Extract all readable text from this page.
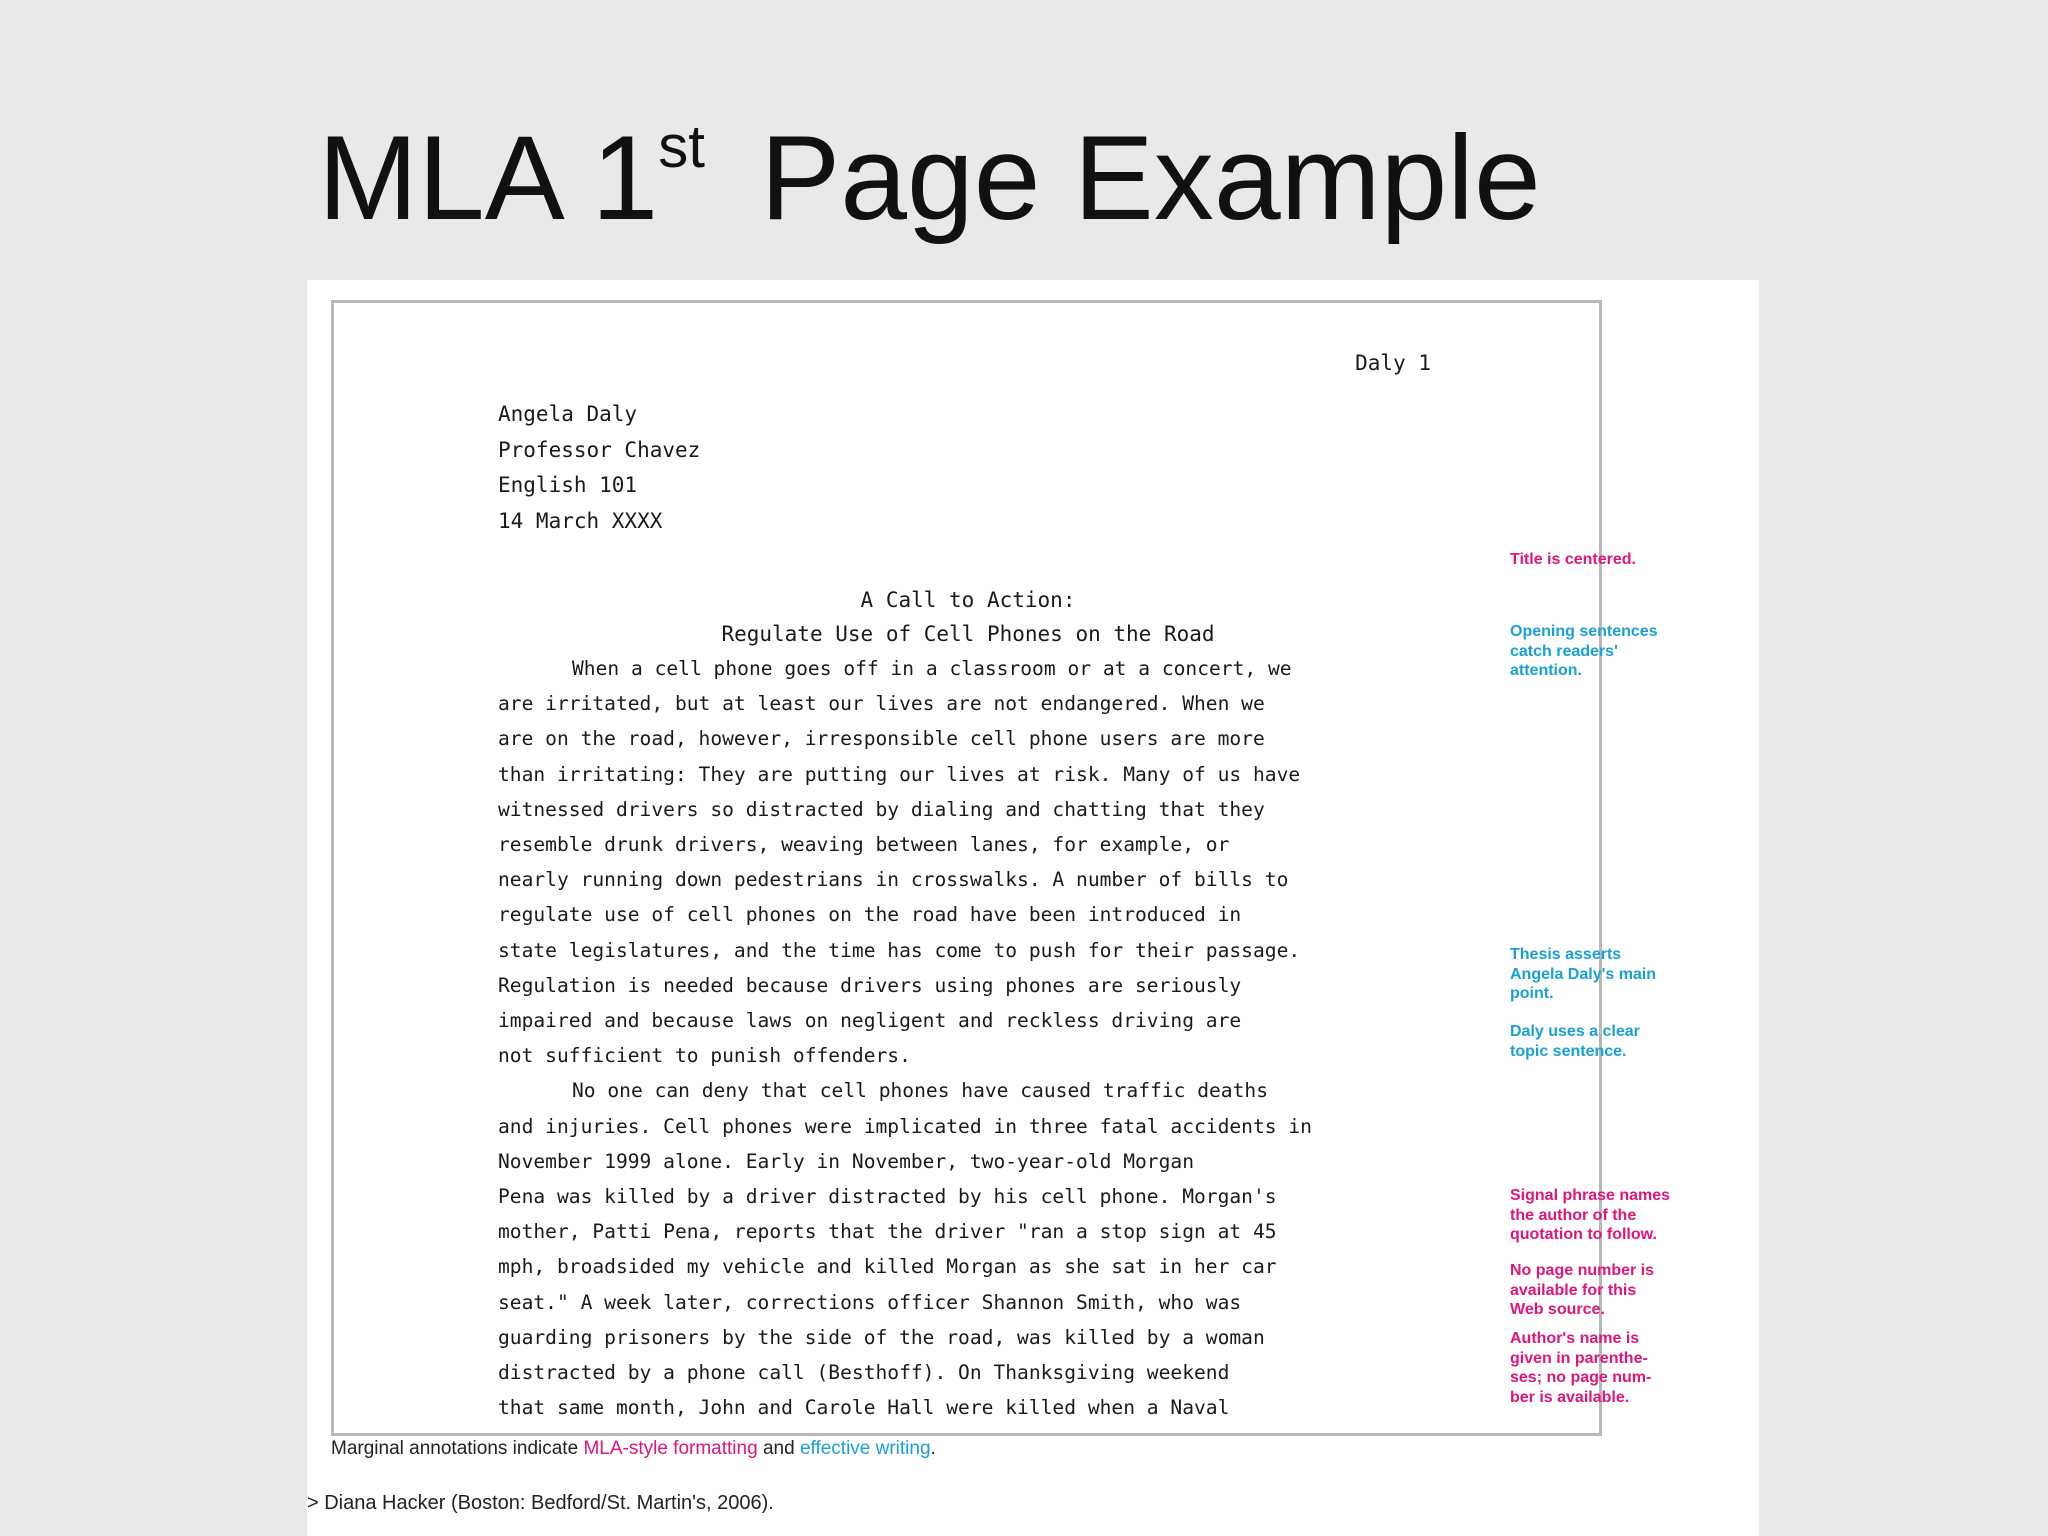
MLA 1st Page Example
Daly 1
Angela Daly
Professor Chavez
English 101
14 March XXXX
A Call to Action:
Regulate Use of Cell Phones on the Road
When a cell phone goes off in a classroom or at a concert, we
are irritated, but at least our lives are not endangered. When we
are on the road, however, irresponsible cell phone users are more
than irritating: They are putting our lives at risk. Many of us have
witnessed drivers so distracted by dialing and chatting that they
resemble drunk drivers, weaving between lanes, for example, or
nearly running down pedestrians in crosswalks. A number of bills to
regulate use of cell phones on the road have been introduced in
state legislatures, and the time has come to push for their passage.
Regulation is needed because drivers using phones are seriously
impaired and because laws on negligent and reckless driving are
not sufficient to punish offenders.
No one can deny that cell phones have caused traffic deaths
and injuries. Cell phones were implicated in three fatal accidents in
November 1999 alone. Early in November, two-year-old Morgan
Pena was killed by a driver distracted by his cell phone. Morgan's
mother, Patti Pena, reports that the driver "ran a stop sign at 45
mph, broadsided my vehicle and killed Morgan as she sat in her car
seat." A week later, corrections officer Shannon Smith, who was
guarding prisoners by the side of the road, was killed by a woman
distracted by a phone call (Besthoff). On Thanksgiving weekend
that same month, John and Carole Hall were killed when a Naval
Title is centered.
Opening sentences
catch readers'
attention.
Thesis asserts
Angela Daly's main
point.
Daly uses a clear
topic sentence.
Signal phrase names
the author of the
quotation to follow.
No page number is
available for this
Web source.
Author's name is
given in parenthe-
ses; no page num-
ber is available.
Marginal annotations indicate MLA-style formatting and effective writing.
> Diana Hacker (Boston: Bedford/St. Martin's, 2006).
